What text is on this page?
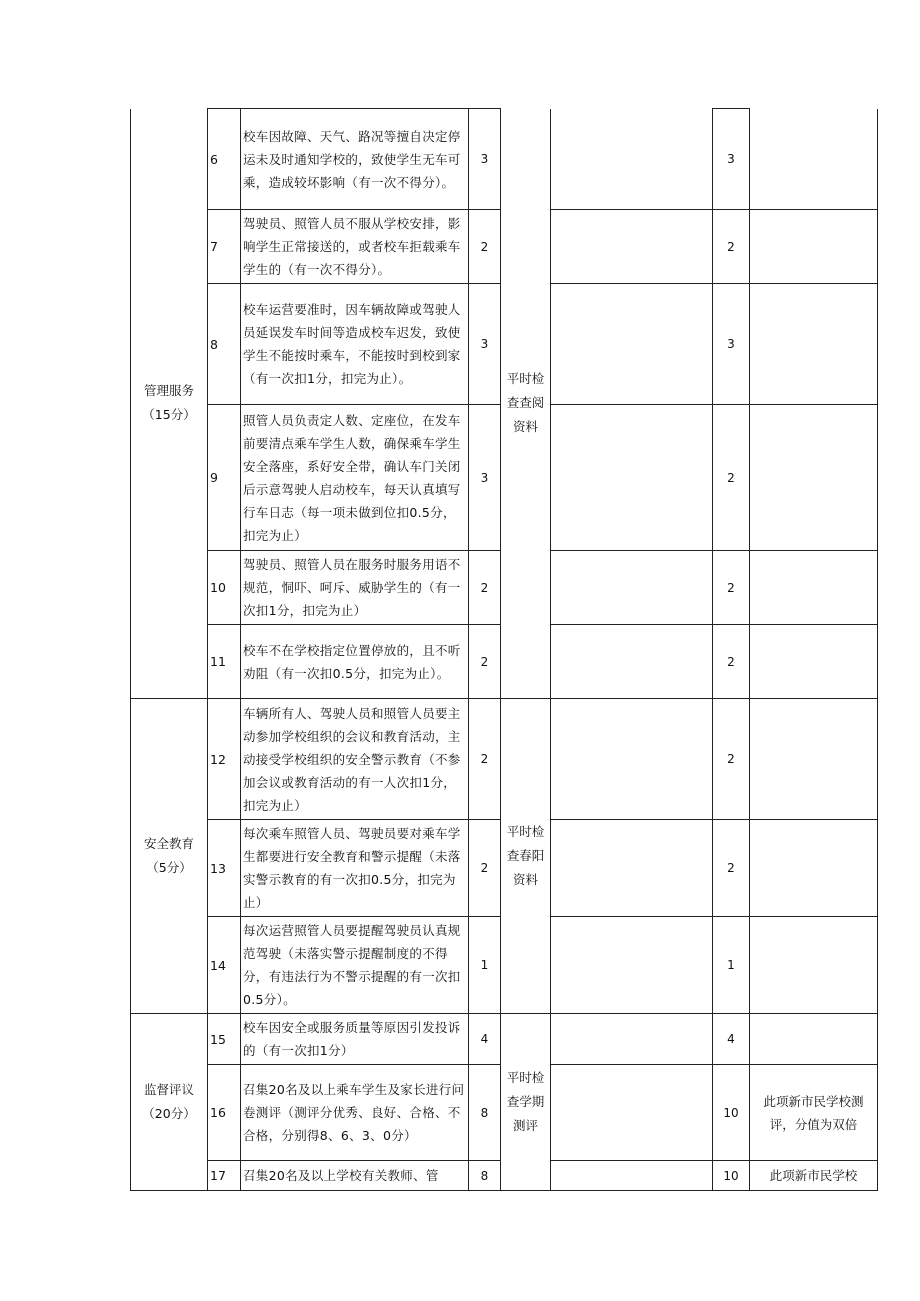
管理服务（15分）	6	校车因故障、天气、路况等擅自决定停运未及时通知学校的，致使学生无车可乘，造成较坏影响（有一次不得分）。	3	平时检查查阅资料		3	
	7	驾驶员、照管人员不服从学校安排，影响学生正常接送的，或者校车拒载乘车学生的（有一次不得分）。	2			2	
	8	校车运营要准时，因车辆故障或驾驶人员延误发车时间等造成校车迟发，致使学生不能按时乘车，不能按时到校到家（有一次扣1分，扣完为止）。	3			3	
	9	照管人员负责定人数、定座位，在发车前要清点乘车学生人数，确保乘车学生安全落座，系好安全带，确认车门关闭后示意驾驶人启动校车，每天认真填写行车日志（每一项未做到位扣0.5分，扣完为止）	3			2	
	10	驾驶员、照管人员在服务时服务用语不规范，恫吓、呵斥、威胁学生的（有一次扣1分，扣完为止）	2			2	
	11	校车不在学校指定位置停放的，且不听劝阻（有一次扣0.5分，扣完为止）。	2			2	
安全教育（5分）	12	车辆所有人、驾驶人员和照管人员要主动参加学校组织的会议和教育活动，主动接受学校组织的安全警示教育（不参加会议或教育活动的有一人次扣1分，扣完为止）	2	平时检查春阳资料		2	
	13	每次乘车照管人员、驾驶员要对乘车学生都要进行安全教育和警示提醒（未落实警示教育的有一次扣0.5分，扣完为止）	2			2	
	14	每次运营照管人员要提醒驾驶员认真规范驾驶（未落实警示提醒制度的不得分，有违法行为不警示提醒的有一次扣0.5分）。	1			1	
监督评议（20分）	15	校车因安全或服务质量等原因引发投诉的（有一次扣1分）	4	平时检查学期测评		4	
	16	召集20名及以上乘车学生及家长进行问卷测评（测评分优秀、良好、合格、不合格，分别得8、6、3、0分）	8			10	此项新市民学校测评，分值为双倍
	17	召集20名及以上学校有关教师、管	8			10	此项新市民学校
